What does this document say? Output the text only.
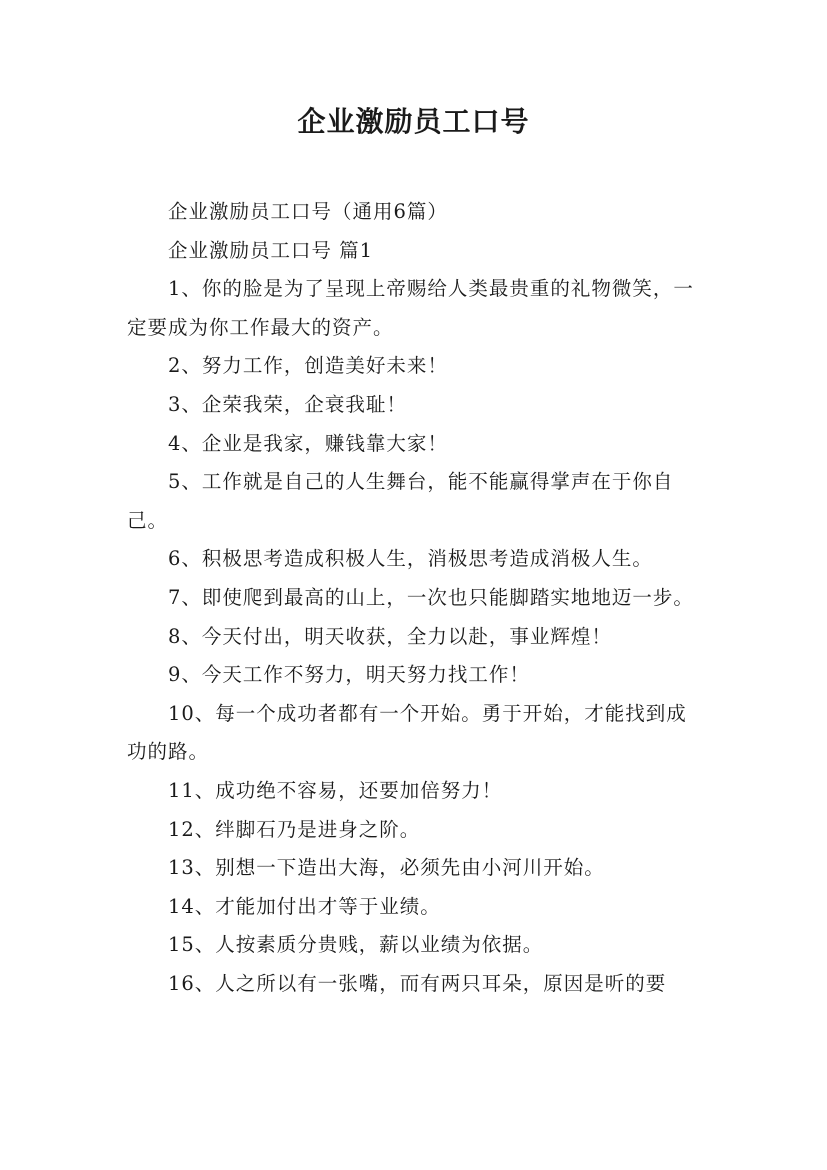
企业激励员工口号

企业激励员工口号（通用6篇）

企业激励员工口号 篇1

1、你的脸是为了呈现上帝赐给人类最贵重的礼物微笑，一定要成为你工作最大的资产。

2、努力工作，创造美好未来！

3、企荣我荣，企衰我耻！

4、企业是我家，赚钱靠大家！

5、工作就是自己的人生舞台，能不能赢得掌声在于你自己。

6、积极思考造成积极人生，消极思考造成消极人生。

7、即使爬到最高的山上，一次也只能脚踏实地地迈一步。

8、今天付出，明天收获，全力以赴，事业辉煌！

9、今天工作不努力，明天努力找工作！

10、每一个成功者都有一个开始。勇于开始，才能找到成功的路。

11、成功绝不容易，还要加倍努力！

12、绊脚石乃是进身之阶。

13、别想一下造出大海，必须先由小河川开始。

14、才能加付出才等于业绩。

15、人按素质分贵贱，薪以业绩为依据。

16、人之所以有一张嘴，而有两只耳朵，原因是听的要
